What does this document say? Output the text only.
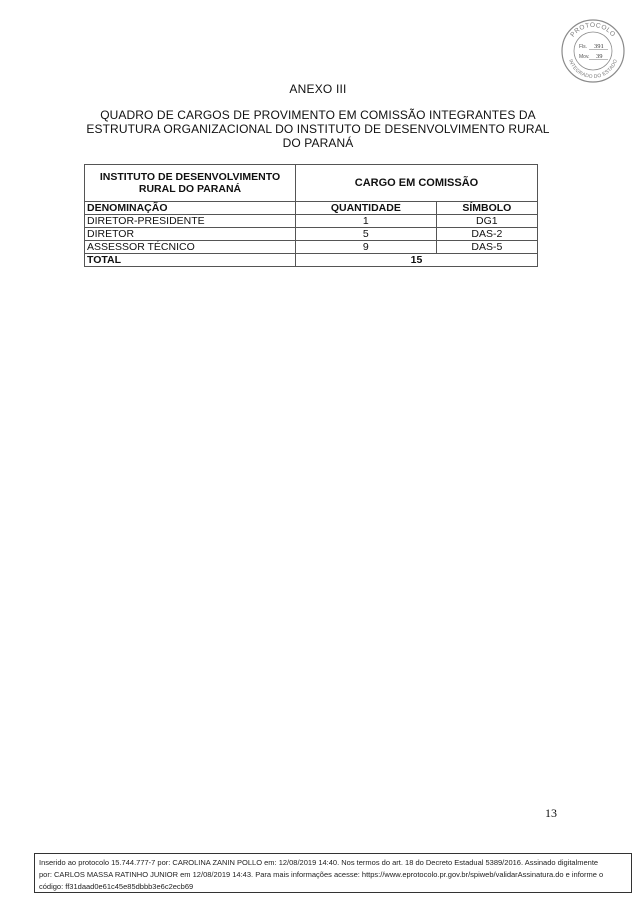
PROTOCOLO
INTEGRADO DO ESTADO
Fls. 391
Mov. 39
ANEXO III
QUADRO DE CARGOS DE PROVIMENTO EM COMISSÃO INTEGRANTES DA
ESTRUTURA ORGANIZACIONAL DO INSTITUTO DE DESENVOLVIMENTO RURAL
DO PARANÁ
INSTITUTO DE DESENVOLVIMENTO RURAL DO PARANÁ	CARGO EM COMISSÃO	
DENOMINAÇÃO	QUANTIDADE	SÍMBOLO
DIRETOR-PRESIDENTE	1	DG1
DIRETOR	5	DAS-2
ASSESSOR TÉCNICO	9	DAS-5
TOTAL	15	
13
Inserido ao protocolo 15.744.777-7 por: CAROLINA ZANIN POLLO em: 12/08/2019 14:40. Nos termos do art. 18 do Decreto Estadual 5389/2016. Assinado digitalmente
por: CARLOS MASSA RATINHO JUNIOR em 12/08/2019 14:43. Para mais informações acesse: https://www.eprotocolo.pr.gov.br/spiweb/validarAssinatura.do e informe o
código: ff31daad0e61c45e85dbbb3e6c2ecb69
